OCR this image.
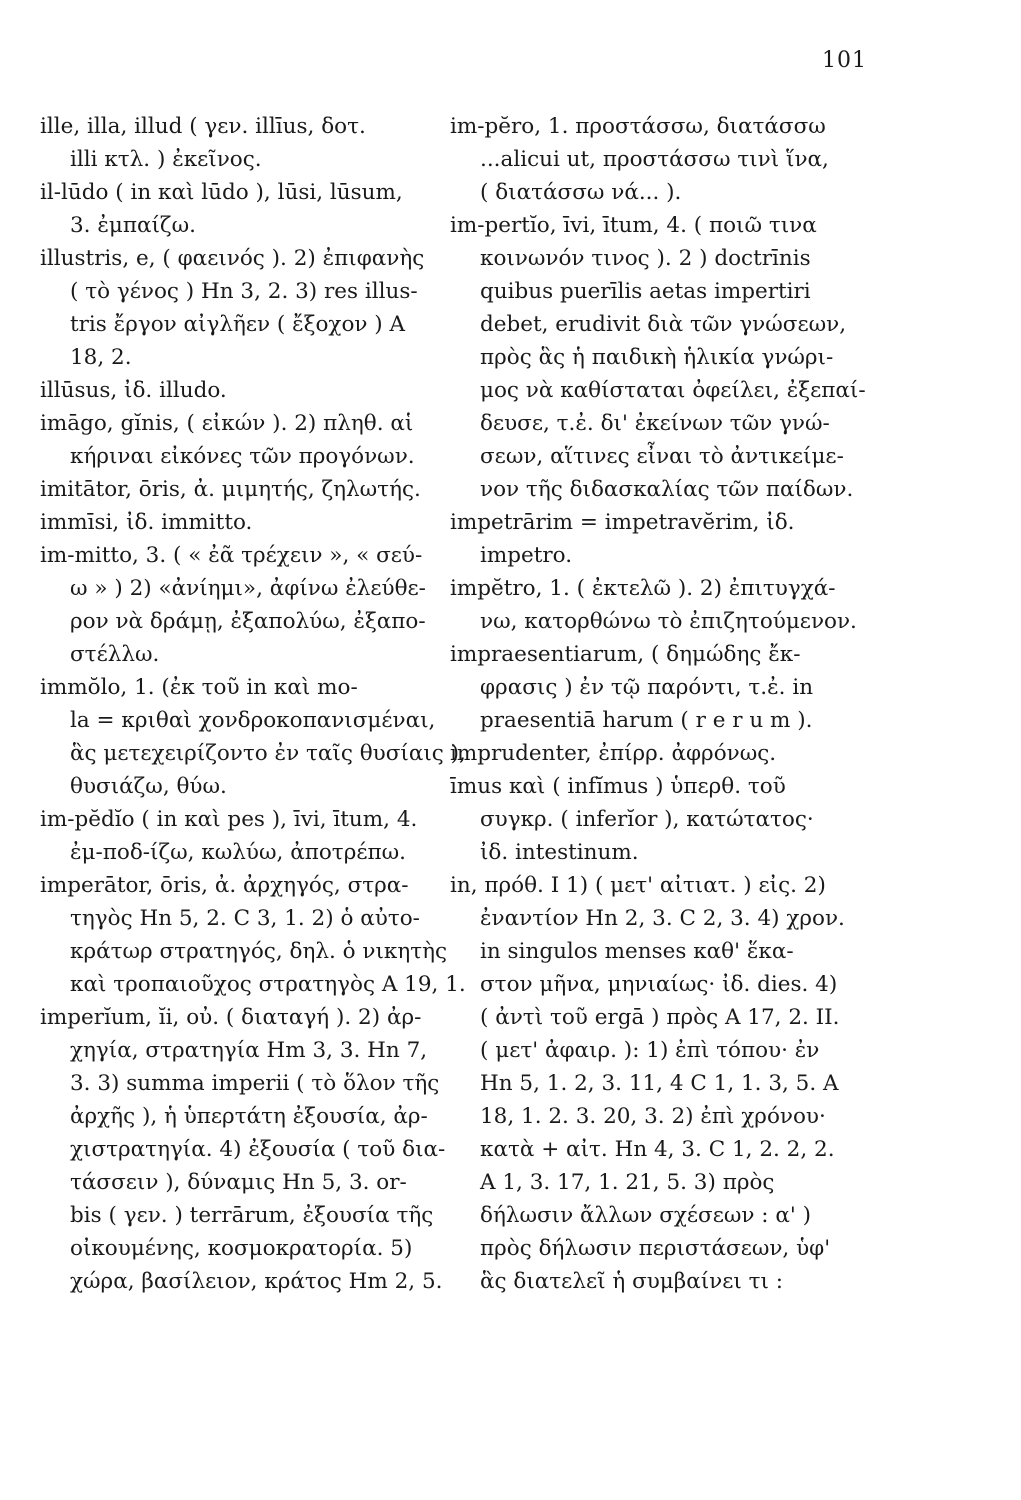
101
ille, illa, illud ( γεν. illīus, δοτ.
illi κτλ. ) ἐκεῖνος.
il-lūdo ( in καὶ lūdo ), lūsi, lūsum,
3. ἐμπαίζω.
illustris, e, ( φαεινός ). 2) ἐπιφανὴς
( τὸ γένος ) Hn 3, 2. 3) res illus-
tris ἔργον αἰγλῆεν ( ἔξοχον ) A
18, 2.
illūsus, ἰδ. illudo.
imāgo, gĭnis, ( εἰκών ). 2) πληθ. αἱ
κήριναι εἰκόνες τῶν προγόνων.
imitātor, ōris, ἀ. μιμητής, ζηλωτής.
immīsi, ἰδ. immitto.
im-mitto, 3. ( « ἐᾶ τρέχειν », « σεύ-
ω » ) 2) «ἀνίημι», ἀφίνω ἐλεύθε-
ρον νὰ δράμῃ, ἐξαπολύω, ἐξαπο-
στέλλω.
immŏlo, 1. (ἐκ τοῦ in καὶ mo-
la = κριθαὶ χονδροκοπανισμέναι,
ἃς μετεχειρίζοντο ἐν ταῖς θυσίαις ),
θυσιάζω, θύω.
im-pĕdĭo ( in καὶ pes ), īvi, ītum, 4.
ἐμ-ποδ-ίζω, κωλύω, ἀποτρέπω.
imperātor, ōris, ἀ. ἀρχηγός, στρα-
τηγὸς Hn 5, 2. C 3, 1. 2) ὁ αὐτο-
κράτωρ στρατηγός, δηλ. ὁ νικητὴς
καὶ τροπαιοῦχος στρατηγὸς A 19, 1.
imperĭum, ĭi, οὐ. ( διαταγή ). 2) ἀρ-
χηγία, στρατηγία Hm 3, 3. Hn 7,
3. 3) summa imperii ( τὸ ὅλον τῆς
ἀρχῆς ), ἡ ὑπερτάτη ἐξουσία, ἀρ-
χιστρατηγία. 4) ἐξουσία ( τοῦ δια-
τάσσειν ), δύναμις Hn 5, 3. or-
bis ( γεν. ) terrārum, ἐξουσία τῆς
οἰκουμένης, κοσμοκρατορία. 5)
χώρα, βασίλειον, κράτος Hm 2, 5.
im-pĕro, 1. προστάσσω, διατάσσω
...alicui ut, προστάσσω τινὶ ἵνα,
( διατάσσω νά... ).
im-pertĭo, īvi, ītum, 4. ( ποιῶ τινα
κοινωνόν τινος ). 2 ) doctrīnis
quibus puerīlis aetas impertiri
debet, erudivit διὰ τῶν γνώσεων,
πρὸς ἃς ἡ παιδικὴ ἡλικία γνώρι-
μος νὰ καθίσταται ὀφείλει, ἐξεπαί-
δευσε, τ.ἐ. δι' ἐκείνων τῶν γνώ-
σεων, αἵτινες εἶναι τὸ ἀντικείμε-
νον τῆς διδασκαλίας τῶν παίδων.
impetrārim = impetravĕrim, ἰδ.
impetro.
impĕtro, 1. ( ἐκτελῶ ). 2) ἐπιτυγχά-
νω, κατορθώνω τὸ ἐπιζητούμενον.
impraesentiarum, ( δημώδης ἔκ-
φρασις ) ἐν τῷ παρόντι, τ.ἐ. in
praesentiā harum ( r e r u m ).
imprudenter, ἐπίρρ. ἀφρόνως.
īmus καὶ ( infĭmus ) ὑπερθ. τοῦ
συγκρ. ( inferĭor ), κατώτατος·
ἰδ. intestinum.
in, πρόθ. I 1) ( μετ' αἰτιατ. ) εἰς. 2)
ἐναντίον Hn 2, 3. C 2, 3. 4) χρον.
in singulos menses καθ' ἕκα-
στον μῆνα, μηνιαίως· ἰδ. dies. 4)
( ἀντὶ τοῦ ergā ) πρὸς A 17, 2. II.
( μετ' ἀφαιρ. ): 1) ἐπὶ τόπου· ἐν
Hn 5, 1. 2, 3. 11, 4 C 1, 1. 3, 5. A
18, 1. 2. 3. 20, 3. 2) ἐπὶ χρόνου·
κατὰ + αἰτ. Hn 4, 3. C 1, 2. 2, 2.
A 1, 3. 17, 1. 21, 5. 3) πρὸς
δήλωσιν ἄλλων σχέσεων : α' )
πρὸς δήλωσιν περιστάσεων, ὑφ'
ἃς διατελεῖ ἡ συμβαίνει τι :
